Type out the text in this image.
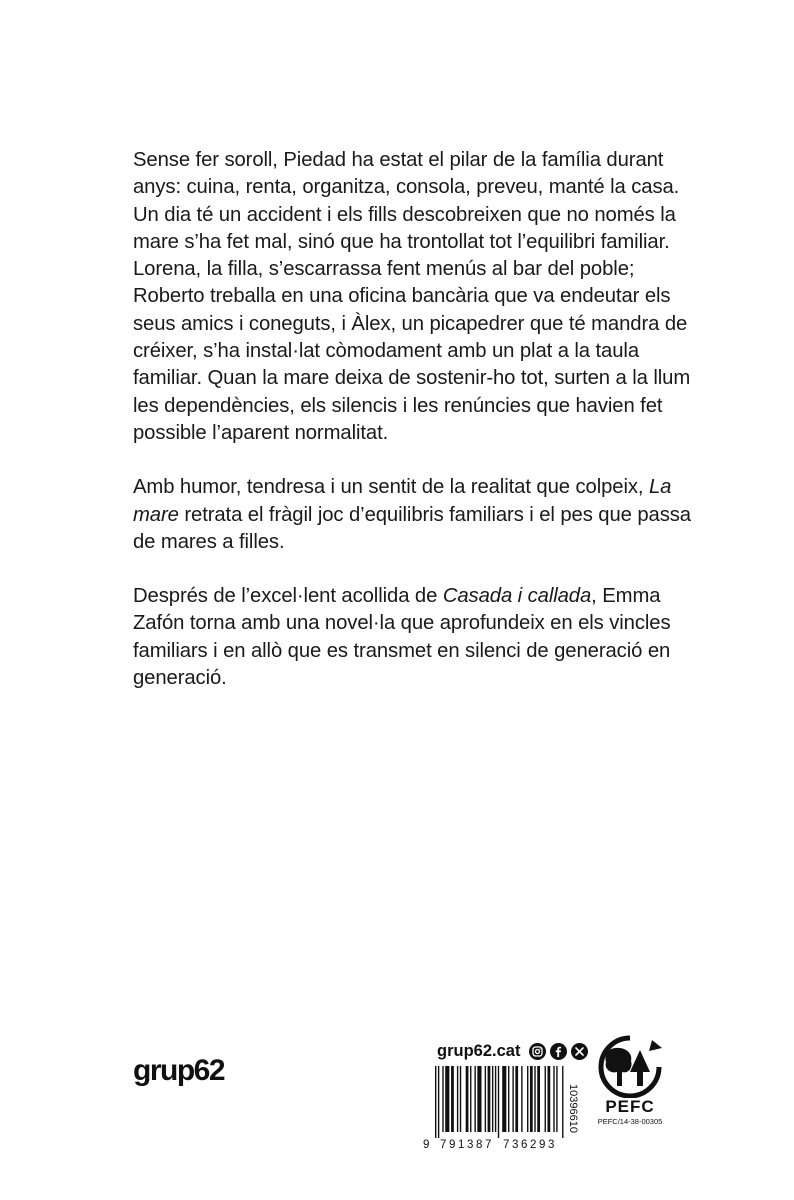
Sense fer soroll, Piedad ha estat el pilar de la família durant anys: cuina, renta, organitza, consola, preveu, manté la casa. Un dia té un accident i els fills descobreixen que no només la mare s’ha fet mal, sinó que ha trontollat tot l’equilibri familiar. Lorena, la filla, s’escarrassa fent menús al bar del poble; Roberto treballa en una oficina bancària que va endeutar els seus amics i coneguts, i Àlex, un picapedrer que té mandra de créixer, s’ha instal·lat còmodament amb un plat a la taula familiar. Quan la mare deixa de sostenir-ho tot, surten a la llum les dependències, els silencis i les renúncies que havien fet possible l’aparent normalitat.

Amb humor, tendresa i un sentit de la realitat que colpeix, La mare retrata el fràgil joc d’equilibris familiars i el pes que passa de mares a filles.

Després de l’excel·lent acollida de Casada i callada, Emma Zafón torna amb una novel·la que aprofundeix en els vincles familiars i en allò que es transmet en silenci de generació en generació.

grup62
grup62.cat
9 791387 736293
10396610	PEFC
PEFC/14-38-00305
